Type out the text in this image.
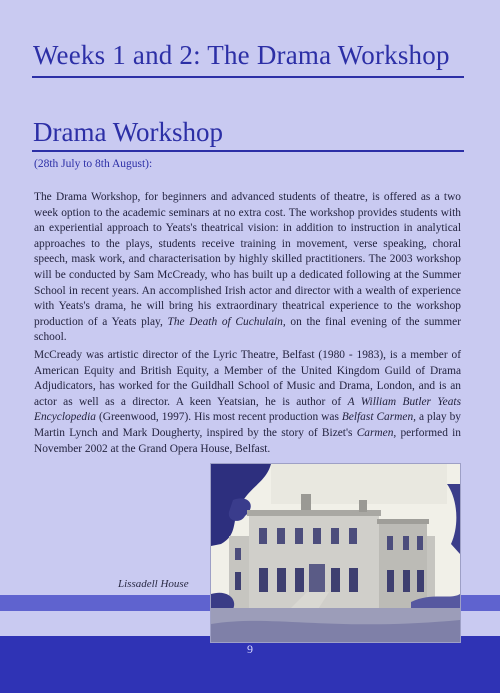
Weeks 1 and 2: The Drama Workshop
Drama Workshop
(28th July to 8th August):
The Drama Workshop, for beginners and advanced students of theatre, is offered as a two week option to the academic seminars at no extra cost. The workshop provides students with an experiential approach to Yeats's theatrical vision: in addition to instruction in analytical approaches to the plays, students receive training in movement, verse speaking, choral speech, mask work, and characterisation by highly skilled practitioners. The 2003 workshop will be conducted by Sam McCready, who has built up a dedicated following at the Summer School in recent years. An accomplished Irish actor and director with a wealth of experience with Yeats's drama, he will bring his extraordinary theatrical experience to the workshop production of a Yeats play, The Death of Cuchulain, on the final evening of the summer school.
McCready was artistic director of the Lyric Theatre, Belfast (1980 - 1983), is a member of American Equity and British Equity, a Member of the United Kingdom Guild of Drama Adjudicators, has worked for the Guildhall School of Music and Drama, London, and is an actor as well as a director. A keen Yeatsian, he is author of A William Butler Yeats Encyclopedia (Greenwood, 1997). His most recent production was Belfast Carmen, a play by Martin Lynch and Mark Dougherty, inspired by the story of Bizet's Carmen, performed in November 2002 at the Grand Opera House, Belfast.
Lissadell House
9
